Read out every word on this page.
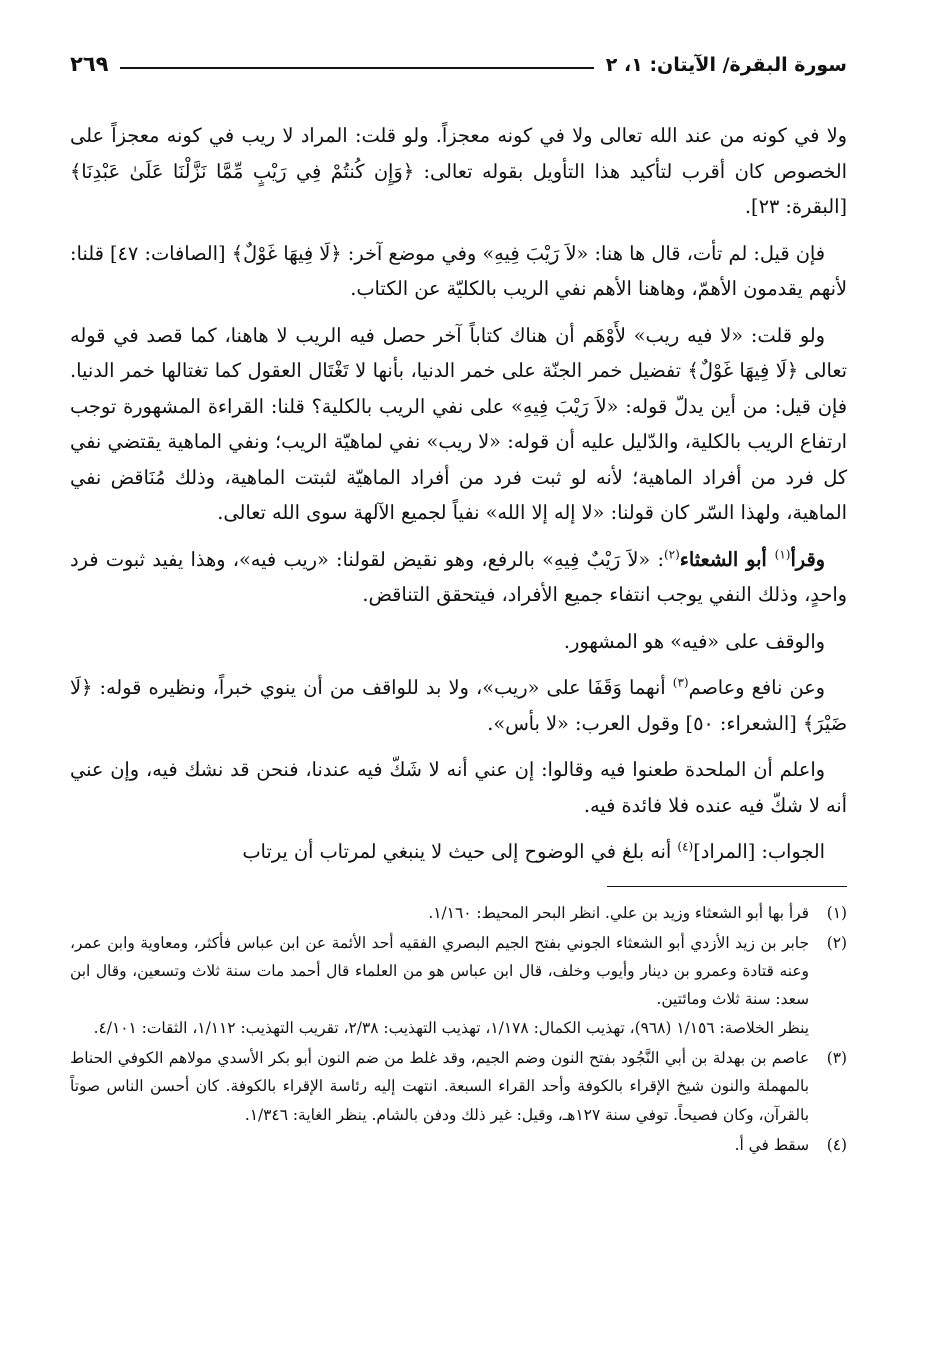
سورة البقرة/ الآيتان: ١، ٢
٢٦٩

ولا في كونه من عند الله تعالى ولا في كونه معجزاً. ولو قلت: المراد لا ريب في كونه معجزاً على الخصوص كان أقرب لتأكيد هذا التأويل بقوله تعالى: ﴿وَإِن كُنتُمْ فِي رَيْبٍ مِّمَّا نَزَّلْنَا عَلَىٰ عَبْدِنَا﴾ [البقرة: ٢٣].

فإن قيل: لم تأت، قال ها هنا: «لاَ رَيْبَ فِيهِ» وفي موضع آخر: ﴿لَا فِيهَا غَوْلٌ﴾ [الصافات: ٤٧] قلنا: لأنهم يقدمون الأهمّ، وهاهنا الأهم نفي الريب بالكليّة عن الكتاب.

ولو قلت: «لا فيه ريب» لأَوْهَم أن هناك كتاباً آخر حصل فيه الريب لا هاهنا، كما قصد في قوله تعالى ﴿لَا فِيهَا غَوْلٌ﴾ تفضيل خمر الجنّة على خمر الدنيا، بأنها لا تَغْتَال العقول كما تغتالها خمر الدنيا. فإن قيل: من أين يدلّ قوله: «لاَ رَيْبَ فِيهِ» على نفي الريب بالكلية؟ قلنا: القراءة المشهورة توجب ارتفاع الريب بالكلية، والدّليل عليه أن قوله: «لا ريب» نفي لماهيّة الريب؛ ونفي الماهية يقتضي نفي كل فرد من أفراد الماهية؛ لأنه لو ثبت فرد من أفراد الماهيّة لثبتت الماهية، وذلك مُنَاقض نفي الماهية، ولهذا السّر كان قولنا: «لا إله إلا الله» نفياً لجميع الآلهة سوى الله تعالى.

وقرأ$^{(١)}$ أبو الشعثاء$^{(٢)}$: «لاَ رَيْبٌ فِيهِ» بالرفع، وهو نقيض لقولنا: «ريب فيه»، وهذا يفيد ثبوت فرد واحدٍ، وذلك النفي يوجب انتفاء جميع الأفراد، فيتحقق التناقض.

والوقف على «فيه» هو المشهور.

وعن نافع وعاصم$^{(٣)}$ أنهما وَقَفَا على «ريب»، ولا بد للواقف من أن ينوي خبراً، ونظيره قوله: ﴿لَا ضَيْرَ﴾ [الشعراء: ٥٠] وقول العرب: «لا بأس».

واعلم أن الملحدة طعنوا فيه وقالوا: إن عني أنه لا شَكّ فيه عندنا، فنحن قد نشك فيه، وإن عني أنه لا شكّ فيه عنده فلا فائدة فيه.

الجواب: [المراد]$^{(٤)}$ أنه بلغ في الوضوح إلى حيث لا ينبغي لمرتاب أن يرتاب

(١)
قرأ بها أبو الشعثاء وزيد بن علي. انظر البحر المحيط: ١/١٦٠.
(٢)
جابر بن زيد الأزدي أبو الشعثاء الجوني بفتح الجيم البصري الفقيه أحد الأئمة عن ابن عباس فأكثر، ومعاوية وابن عمر، وعنه قتادة وعمرو بن دينار وأيوب وخلف، قال ابن عباس هو من العلماء قال أحمد مات سنة ثلاث وتسعين، وقال ابن سعد: سنة ثلاث ومائتين.
ينظر الخلاصة: ١/١٥٦ (٩٦٨)، تهذيب الكمال: ١/١٧٨، تهذيب التهذيب: ٢/٣٨، تقريب التهذيب: ١/١١٢، الثقات: ٤/١٠١.
(٣)
عاصم بن بهدلة بن أبي النَّجُود بفتح النون وضم الجيم، وقد غلط من ضم النون أبو بكر الأسدي مولاهم الكوفي الحناط بالمهملة والنون شيخ الإقراء بالكوفة وأحد القراء السبعة. انتهت إليه رئاسة الإقراء بالكوفة. كان أحسن الناس صوتاً بالقرآن، وكان فصيحاً. توفي سنة ١٢٧هـ، وقيل: غير ذلك ودفن بالشام. ينظر الغاية: ١/٣٤٦.
(٤)
سقط في أ.
